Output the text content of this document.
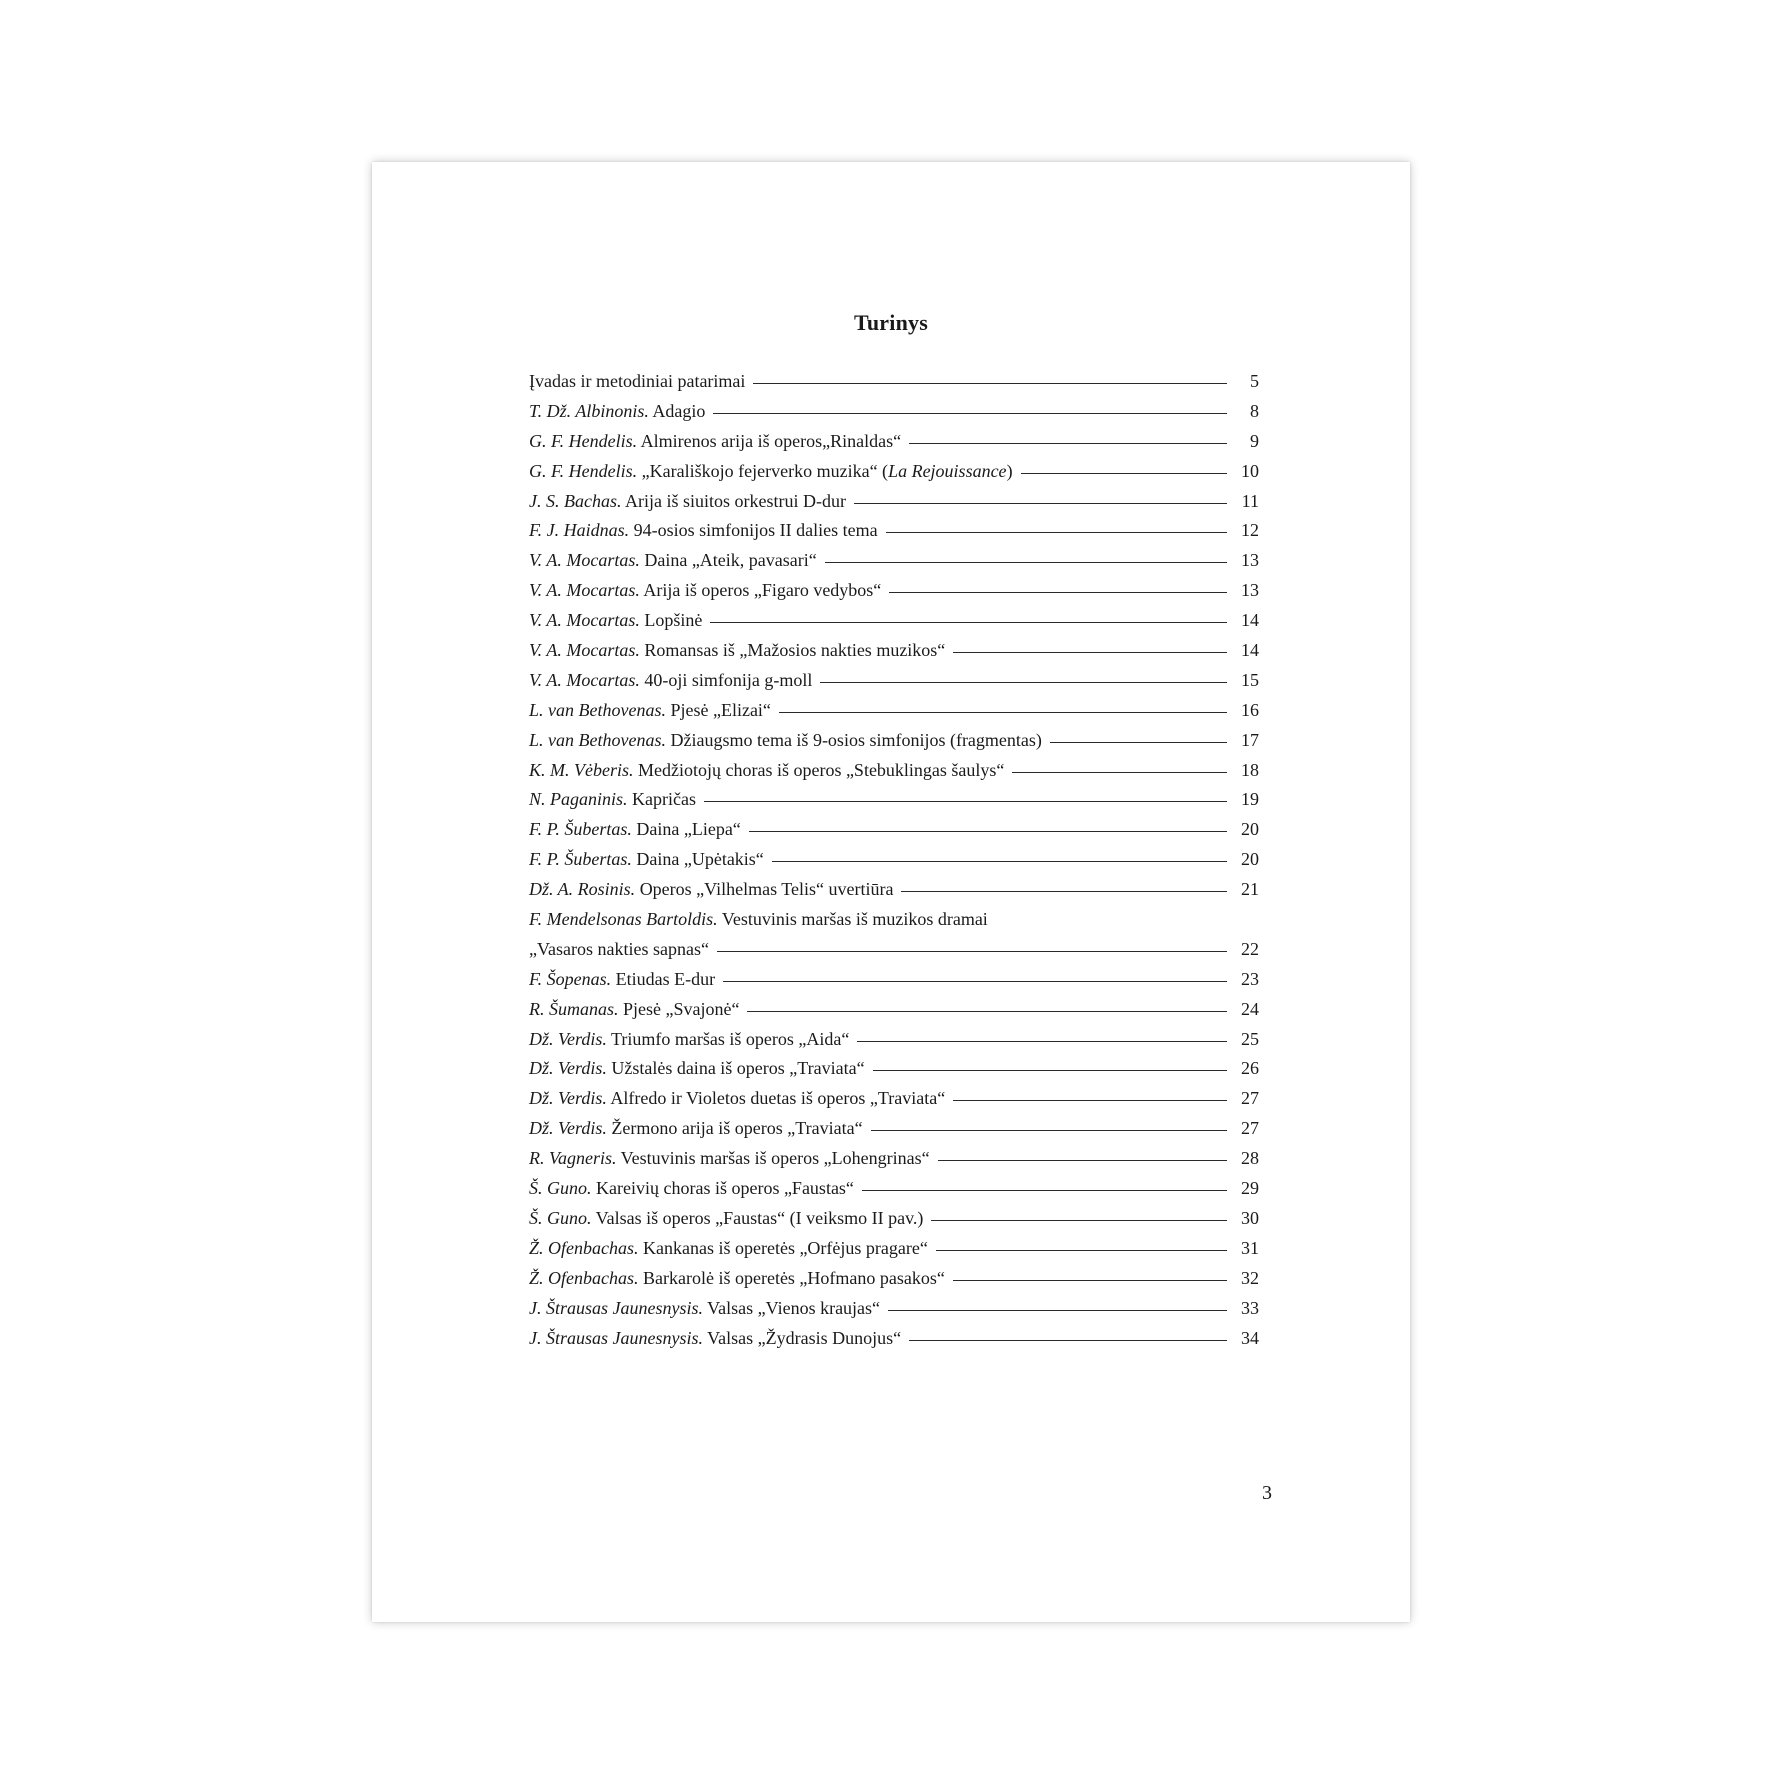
Turinys
Įvadas ir metodiniai patarimai	5
T. Dž. Albinonis. Adagio	8
G. F. Hendelis. Almirenos arija iš operos„Rinaldas“	9
G. F. Hendelis. „Karališkojo fejerverko muzika“ (La Rejouissance)	10
J. S. Bachas. Arija iš siuitos orkestrui D-dur	11
F. J. Haidnas. 94-osios simfonijos II dalies tema	12
V. A. Mocartas. Daina „Ateik, pavasari“	13
V. A. Mocartas. Arija iš operos „Figaro vedybos“	13
V. A. Mocartas. Lopšinė	14
V. A. Mocartas. Romansas iš „Mažosios nakties muzikos“	14
V. A. Mocartas. 40-oji simfonija g-moll	15
L. van Bethovenas. Pjesė „Elizai“	16
L. van Bethovenas. Džiaugsmo tema iš 9-osios simfonijos (fragmentas)	17
K. M. Vėberis. Medžiotojų choras iš operos „Stebuklingas šaulys“	18
N. Paganinis. Kapričas	19
F. P. Šubertas. Daina „Liepa“	20
F. P. Šubertas. Daina „Upėtakis“	20
Dž. A. Rosinis. Operos „Vilhelmas Telis“ uvertiūra	21
F. Mendelsonas Bartoldis. Vestuvinis maršas iš muzikos dramai
„Vasaros nakties sapnas“	22
F. Šopenas. Etiudas E-dur	23
R. Šumanas. Pjesė „Svajonė“	24
Dž. Verdis. Triumfo maršas iš operos „Aida“	25
Dž. Verdis. Užstalės daina iš operos „Traviata“	26
Dž. Verdis. Alfredo ir Violetos duetas iš operos „Traviata“	27
Dž. Verdis. Žermono arija iš operos „Traviata“	27
R. Vagneris. Vestuvinis maršas iš operos „Lohengrinas“	28
Š. Guno. Kareivių choras iš operos „Faustas“	29
Š. Guno. Valsas iš operos „Faustas“ (I veiksmo II pav.)	30
Ž. Ofenbachas. Kankanas iš operetės „Orfėjus pragare“	31
Ž. Ofenbachas. Barkarolė iš operetės „Hofmano pasakos“	32
J. Štrausas Jaunesnysis. Valsas „Vienos kraujas“	33
J. Štrausas Jaunesnysis. Valsas „Žydrasis Dunojus“	34
3
